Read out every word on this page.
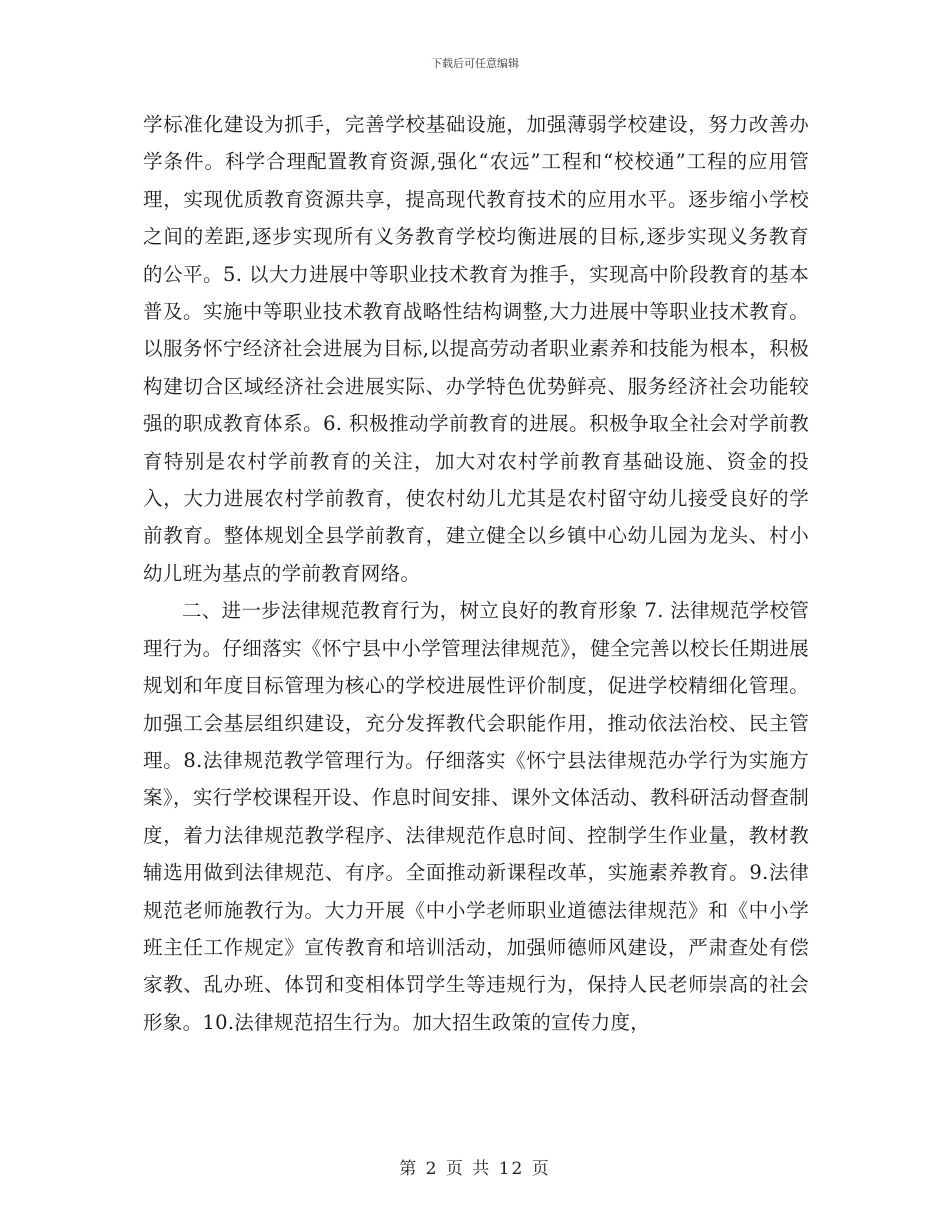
下载后可任意编辑

学标准化建设为抓手，完善学校基础设施，加强薄弱学校建设，努力改善办学条件。科学合理配置教育资源,强化“农远”工程和“校校通”工程的应用管理，实现优质教育资源共享，提高现代教育技术的应用水平。逐步缩小学校之间的差距,逐步实现所有义务教育学校均衡进展的目标,逐步实现义务教育的公平。5. 以大力进展中等职业技术教育为推手，实现高中阶段教育的基本普及。实施中等职业技术教育战略性结构调整,大力进展中等职业技术教育。以服务怀宁经济社会进展为目标,以提高劳动者职业素养和技能为根本，积极构建切合区域经济社会进展实际、办学特色优势鲜亮、服务经济社会功能较强的职成教育体系。6. 积极推动学前教育的进展。积极争取全社会对学前教育特别是农村学前教育的关注，加大对农村学前教育基础设施、资金的投入，大力进展农村学前教育，使农村幼儿尤其是农村留守幼儿接受良好的学前教育。整体规划全县学前教育，建立健全以乡镇中心幼儿园为龙头、村小幼儿班为基点的学前教育网络。

二、进一步法律规范教育行为，树立良好的教育形象 7. 法律规范学校管理行为。仔细落实《怀宁县中小学管理法律规范》，健全完善以校长任期进展规划和年度目标管理为核心的学校进展性评价制度，促进学校精细化管理。加强工会基层组织建设，充分发挥教代会职能作用，推动依法治校、民主管理。8.法律规范教学管理行为。仔细落实《怀宁县法律规范办学行为实施方案》，实行学校课程开设、作息时间安排、课外文体活动、教科研活动督查制度，着力法律规范教学程序、法律规范作息时间、控制学生作业量，教材教辅选用做到法律规范、有序。全面推动新课程改革，实施素养教育。9.法律规范老师施教行为。大力开展《中小学老师职业道德法律规范》和《中小学班主任工作规定》宣传教育和培训活动，加强师德师风建设，严肃查处有偿家教、乱办班、体罚和变相体罚学生等违规行为，保持人民老师崇高的社会形象。10.法律规范招生行为。加大招生政策的宣传力度，

第 2 页 共 12 页
